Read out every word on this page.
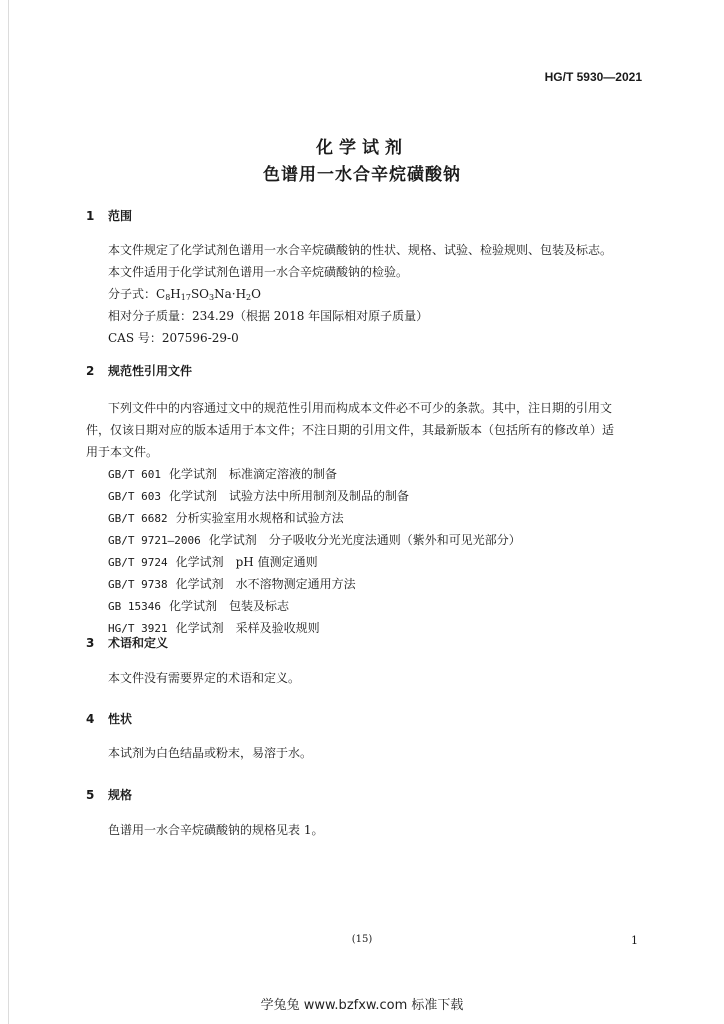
HG/T 5930—2021
化学试剂
色谱用一水合辛烷磺酸钠
1 范围
本文件规定了化学试剂色谱用一水合辛烷磺酸钠的性状、规格、试验、检验规则、包装及标志。
本文件适用于化学试剂色谱用一水合辛烷磺酸钠的检验。
分子式：$C_8H_{17}SO_3Na\cdot H_2O$
相对分子质量：234.29（根据 2018 年国际相对原子质量）
CAS 号：207596-29-0
2 规范性引用文件
下列文件中的内容通过文中的规范性引用而构成本文件必不可少的条款。其中，注日期的引用文
件，仅该日期对应的版本适用于本文件；不注日期的引用文件，其最新版本（包括所有的修改单）适
用于本文件。
GB/T 601 化学试剂　标准滴定溶液的制备
GB/T 603 化学试剂　试验方法中所用制剂及制品的制备
GB/T 6682 分析实验室用水规格和试验方法
GB/T 9721—2006 化学试剂　分子吸收分光光度法通则（紫外和可见光部分）
GB/T 9724 化学试剂　pH 值测定通则
GB/T 9738 化学试剂　水不溶物测定通用方法
GB 15346 化学试剂　包装及标志
HG/T 3921 化学试剂　采样及验收规则
3 术语和定义
本文件没有需要界定的术语和定义。
4 性状
本试剂为白色结晶或粉末，易溶于水。
5 规格
色谱用一水合辛烷磺酸钠的规格见表 1。
(15)	1
学兔兔 www.bzfxw.com 标准下载
